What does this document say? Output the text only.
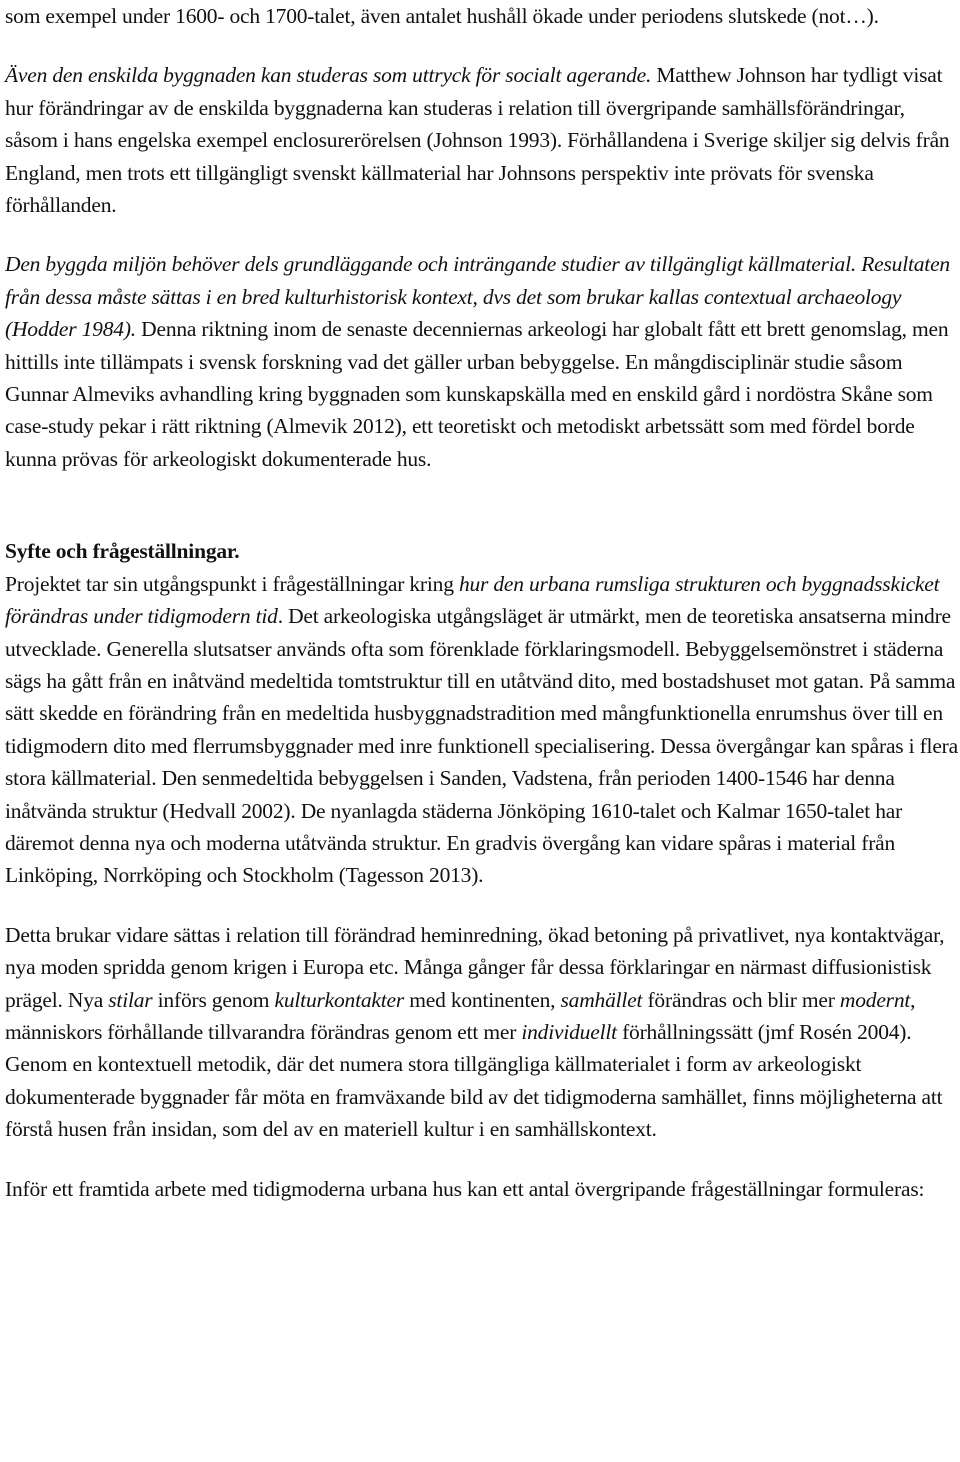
som exempel under 1600- och 1700-talet, även antalet hushåll ökade under periodens slutskede (not…).

Även den enskilda byggnaden kan studeras som uttryck för socialt agerande. Matthew Johnson har tydligt visat hur förändringar av de enskilda byggnaderna kan studeras i relation till övergripande samhällsförändringar, såsom i hans engelska exempel enclosurerörelsen (Johnson 1993). Förhållandena i Sverige skiljer sig delvis från England, men trots ett tillgängligt svenskt källmaterial har Johnsons perspektiv inte prövats för svenska förhållanden.

Den byggda miljön behöver dels grundläggande och inträngande studier av tillgängligt källmaterial. Resultaten från dessa måste sättas i en bred kulturhistorisk kontext, dvs det som brukar kallas contextual archaeology (Hodder 1984). Denna riktning inom de senaste decenniernas arkeologi har globalt fått ett brett genomslag, men hittills inte tillämpats i svensk forskning vad det gäller urban bebyggelse. En mångdisciplinär studie såsom Gunnar Almeviks avhandling kring byggnaden som kunskapskälla med en enskild gård i nordöstra Skåne som case-study pekar i rätt riktning (Almevik 2012), ett teoretiskt och metodiskt arbetssätt som med fördel borde kunna prövas för arkeologiskt dokumenterade hus.

Syfte och frågeställningar.

Projektet tar sin utgångspunkt i frågeställningar kring hur den urbana rumsliga strukturen och byggnadsskicket förändras under tidigmodern tid. Det arkeologiska utgångsläget är utmärkt, men de teoretiska ansatserna mindre utvecklade. Generella slutsatser används ofta som förenklade förklaringsmodell. Bebyggelsemönstret i städerna sägs ha gått från en inåtvänd medeltida tomtstruktur till en utåtvänd dito, med bostadshuset mot gatan. På samma sätt skedde en förändring från en medeltida husbyggnadstradition med mångfunktionella enrumshus över till en tidigmodern dito med flerrumsbyggnader med inre funktionell specialisering. Dessa övergångar kan spåras i flera stora källmaterial. Den senmedeltida bebyggelsen i Sanden, Vadstena, från perioden 1400-1546 har denna inåtvända struktur (Hedvall 2002). De nyanlagda städerna Jönköping 1610-talet och Kalmar 1650-talet har däremot denna nya och moderna utåtvända struktur. En gradvis övergång kan vidare spåras i material från Linköping, Norrköping och Stockholm (Tagesson 2013).

Detta brukar vidare sättas i relation till förändrad heminredning, ökad betoning på privatlivet, nya kontaktvägar, nya moden spridda genom krigen i Europa etc. Många gånger får dessa förklaringar en närmast diffusionistisk prägel. Nya stilar införs genom kulturkontakter med kontinenten, samhället förändras och blir mer modernt, människors förhållande tillvarandra förändras genom ett mer individuellt förhållningssätt (jmf Rosén 2004). Genom en kontextuell metodik, där det numera stora tillgängliga källmaterialet i form av arkeologiskt dokumenterade byggnader får möta en framväxande bild av det tidigmoderna samhället, finns möjligheterna att förstå husen från insidan, som del av en materiell kultur i en samhällskontext.

Inför ett framtida arbete med tidigmoderna urbana hus kan ett antal övergripande frågeställningar formuleras:
